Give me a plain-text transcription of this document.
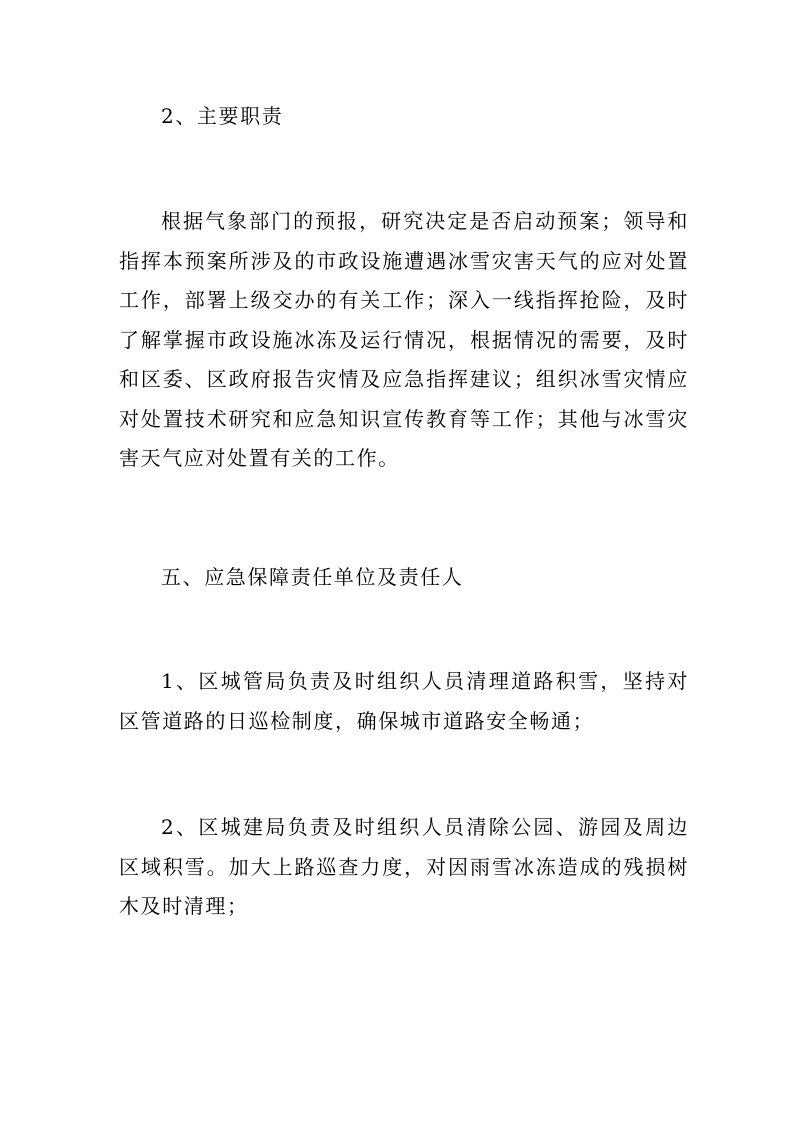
2、主要职责

根据气象部门的预报，研究决定是否启动预案；领导和指挥本预案所涉及的市政设施遭遇冰雪灾害天气的应对处置工作，部署上级交办的有关工作；深入一线指挥抢险，及时了解掌握市政设施冰冻及运行情况，根据情况的需要，及时和区委、区政府报告灾情及应急指挥建议；组织冰雪灾情应对处置技术研究和应急知识宣传教育等工作；其他与冰雪灾害天气应对处置有关的工作。

五、应急保障责任单位及责任人

1、区城管局负责及时组织人员清理道路积雪，坚持对区管道路的日巡检制度，确保城市道路安全畅通；

2、区城建局负责及时组织人员清除公园、游园及周边区域积雪。加大上路巡查力度，对因雨雪冰冻造成的残损树木及时清理；
